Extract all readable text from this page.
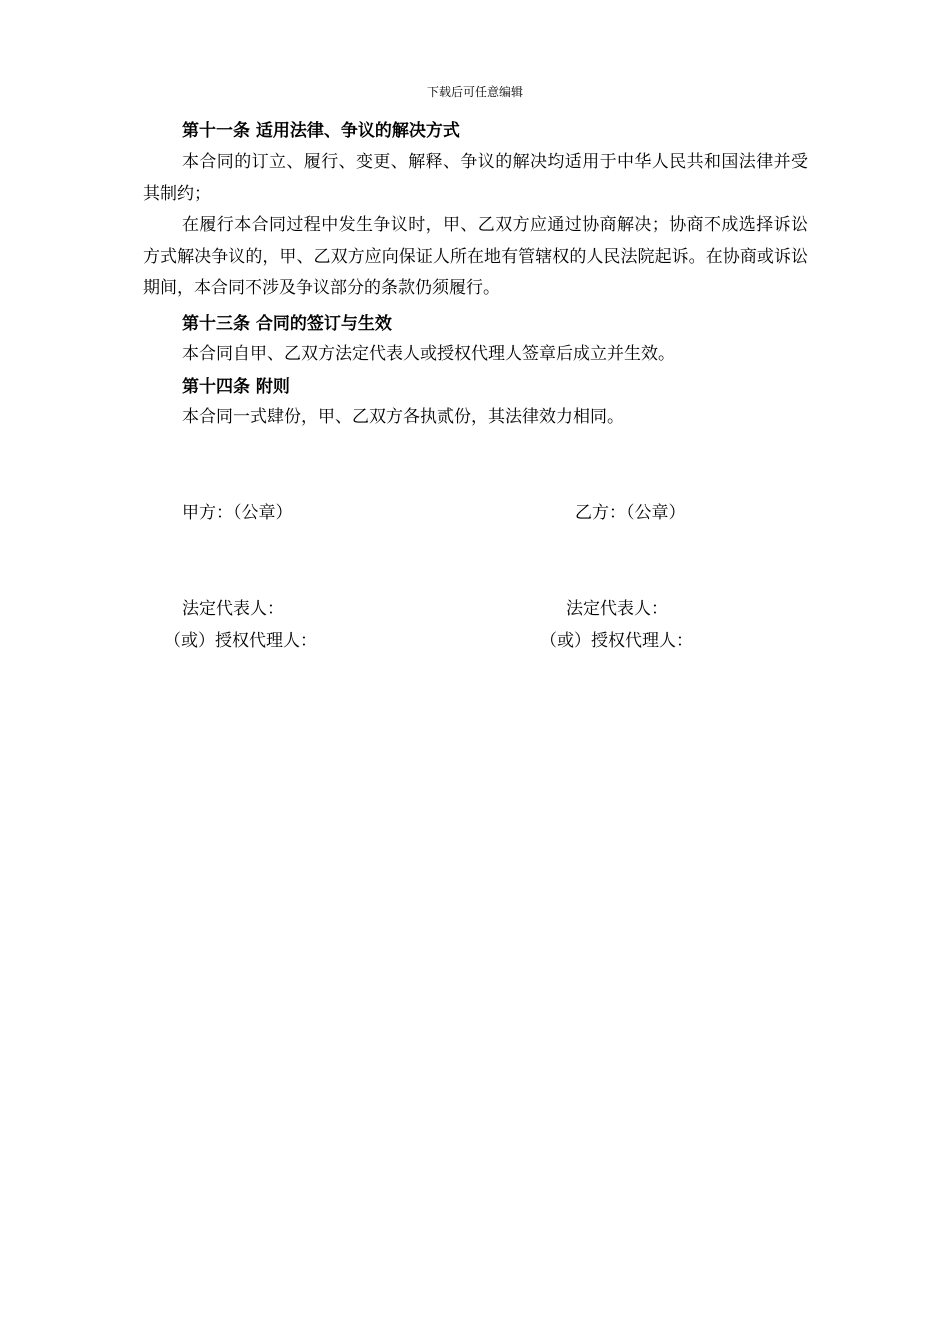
下载后可任意编辑
第十一条 适用法律、争议的解决方式
本合同的订立、履行、变更、解释、争议的解决均适用于中华人民共和国法律并受其制约；
在履行本合同过程中发生争议时，甲、乙双方应通过协商解决；协商不成选择诉讼方式解决争议的，甲、乙双方应向保证人所在地有管辖权的人民法院起诉。在协商或诉讼期间，本合同不涉及争议部分的条款仍须履行。
第十三条 合同的签订与生效
本合同自甲、乙双方法定代表人或授权代理人签章后成立并生效。
第十四条 附则
本合同一式肆份，甲、乙双方各执贰份，其法律效力相同。
甲方：（公章）	乙方：（公章）
法定代表人：	法定代表人：
（或）授权代理人：	（或）授权代理人：
